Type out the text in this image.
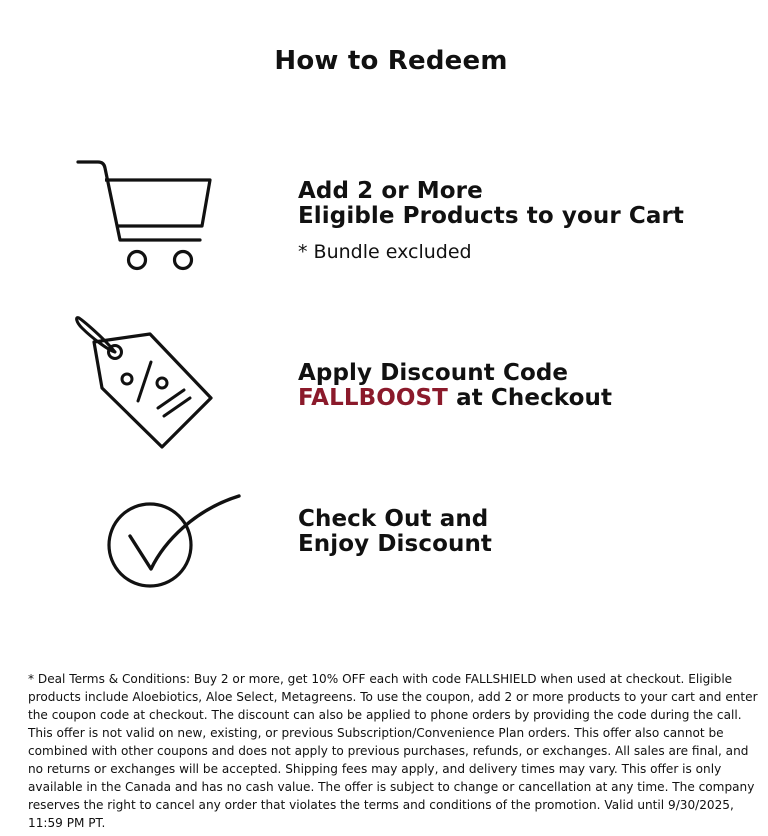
How to Redeem
Add 2 or More
Eligible Products to your Cart
* Bundle excluded
Apply Discount Code
FALLBOOST at Checkout
Check Out and
Enjoy Discount
* Deal Terms & Conditions: Buy 2 or more, get 10% OFF each with code FALLSHIELD when used at checkout. Eligible products include Aloebiotics, Aloe Select, Metagreens. To use the coupon, add 2 or more products to your cart and enter the coupon code at checkout. The discount can also be applied to phone orders by providing the code during the call. This offer is not valid on new, existing, or previous Subscription/Convenience Plan orders. This offer also cannot be combined with other coupons and does not apply to previous purchases, refunds, or exchanges. All sales are final, and no returns or exchanges will be accepted. Shipping fees may apply, and delivery times may vary. This offer is only available in the Canada and has no cash value. The offer is subject to change or cancellation at any time. The company reserves the right to cancel any order that violates the terms and conditions of the promotion. Valid until 9/30/2025, 11:59 PM PT.
